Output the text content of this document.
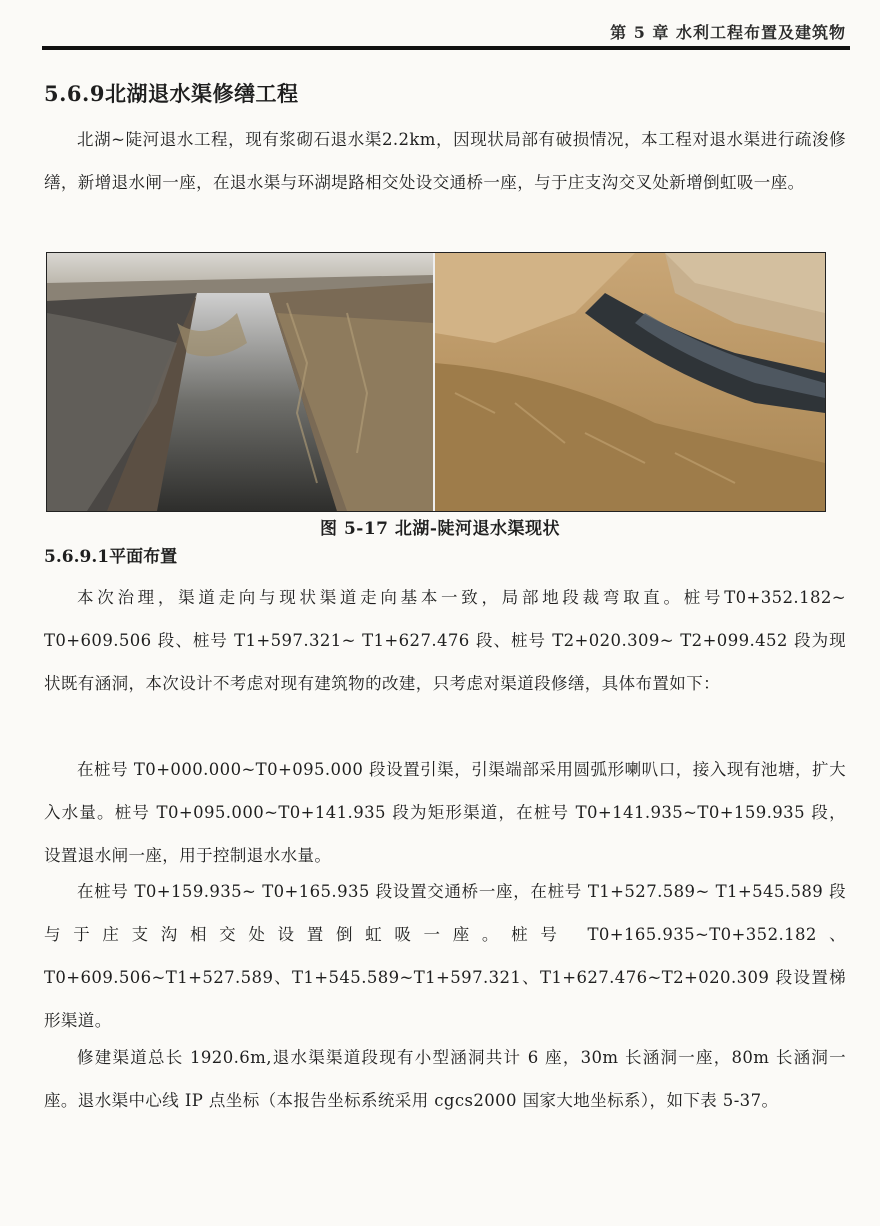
第 5 章 水利工程布置及建筑物
5.6.9北湖退水渠修缮工程

北湖~陡河退水工程，现有浆砌石退水渠2.2km，因现状局部有破损情况，本工程对退水渠进行疏浚修缮，新增退水闸一座，在退水渠与环湖堤路相交处设交通桥一座，与于庄支沟交叉处新增倒虹吸一座。

图 5-17 北湖-陡河退水渠现状
5.6.9.1平面布置

本次治理，渠道走向与现状渠道走向基本一致，局部地段裁弯取直。桩号T0+352.182~ T0+609.506 段、桩号 T1+597.321~ T1+627.476 段、桩号 T2+020.309~ T2+099.452 段为现状既有涵洞，本次设计不考虑对现有建筑物的改建，只考虑对渠道段修缮，具体布置如下：

在桩号 T0+000.000~T0+095.000 段设置引渠，引渠端部采用圆弧形喇叭口，接入现有池塘，扩大入水量。桩号 T0+095.000~T0+141.935 段为矩形渠道，在桩号 T0+141.935~T0+159.935 段，设置退水闸一座，用于控制退水水量。

在桩号 T0+159.935~ T0+165.935 段设置交通桥一座，在桩号 T1+527.589~ T1+545.589 段与于庄支沟相交处设置倒虹吸一座。桩号 T0+165.935~T0+352.182、T0+609.506~T1+527.589、T1+545.589~T1+597.321、T1+627.476~T2+020.309 段设置梯形渠道。

修建渠道总长 1920.6m,退水渠渠道段现有小型涵洞共计 6 座，30m 长涵洞一座，80m 长涵洞一座。退水渠中心线 IP 点坐标（本报告坐标系统采用 cgcs2000 国家大地坐标系），如下表 5-37。
